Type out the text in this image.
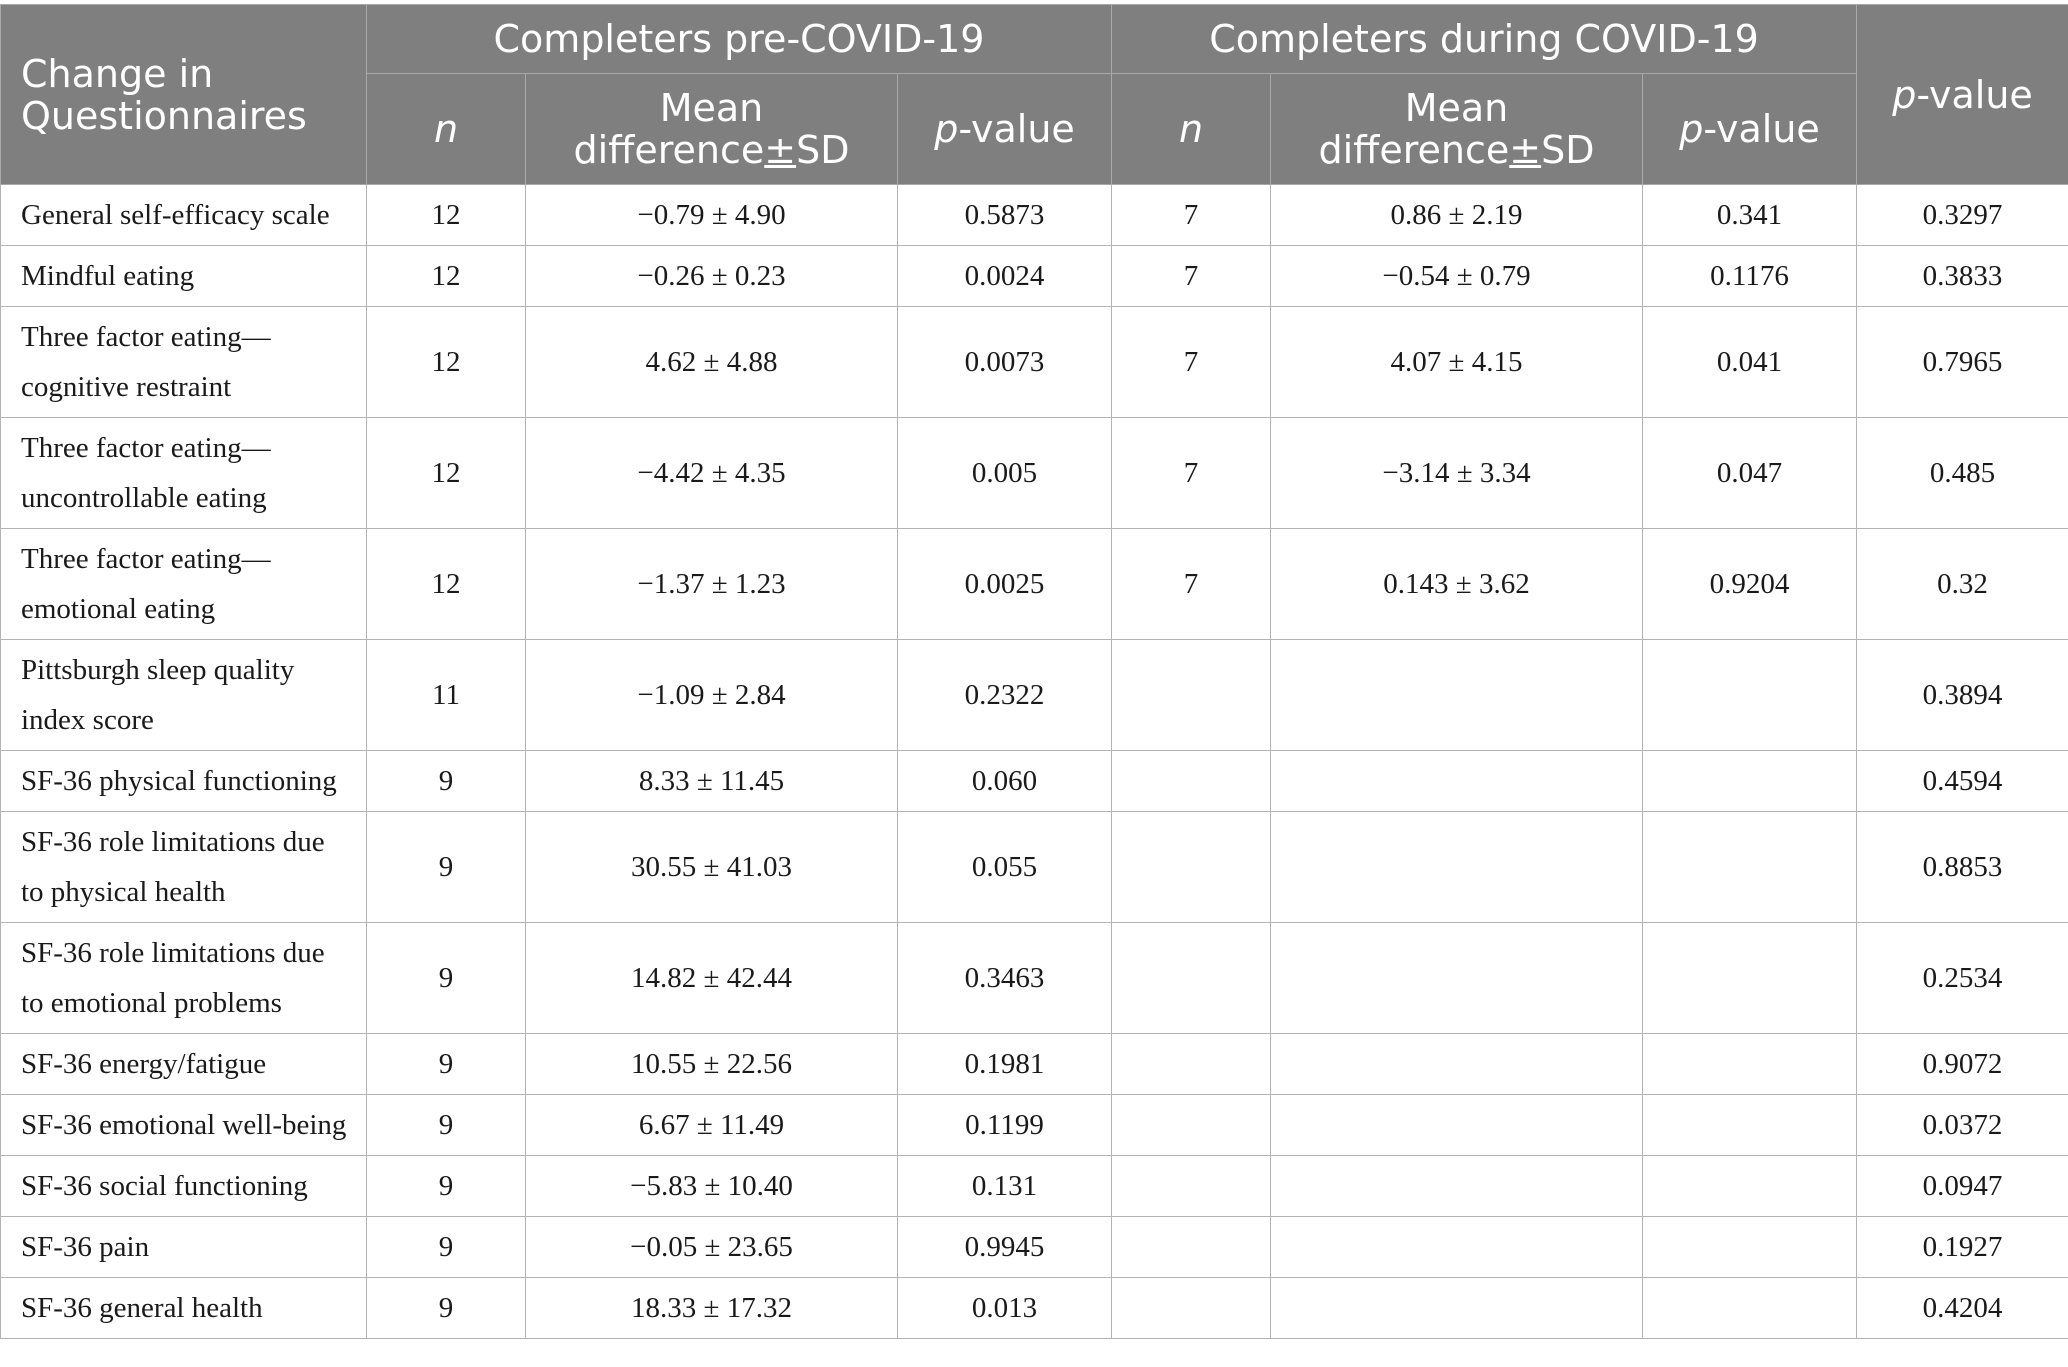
Change in Questionnaires	Completers pre-COVID-19			Completers during COVID-19			p-value
	n	Mean
difference±SD	p-value	n	Mean
difference±SD	p-value	
General self-efficacy scale	12	−0.79 ± 4.90	0.5873	7	0.86 ± 2.19	0.341	0.3297
Mindful eating	12	−0.26 ± 0.23	0.0024	7	−0.54 ± 0.79	0.1176	0.3833
Three factor eating—
cognitive restraint	12	4.62 ± 4.88	0.0073	7	4.07 ± 4.15	0.041	0.7965
Three factor eating—
uncontrollable eating	12	−4.42 ± 4.35	0.005	7	−3.14 ± 3.34	0.047	0.485
Three factor eating—
emotional eating	12	−1.37 ± 1.23	0.0025	7	0.143 ± 3.62	0.9204	0.32
Pittsburgh sleep quality
index score	11	−1.09 ± 2.84	0.2322				0.3894
SF-36 physical functioning	9	8.33 ± 11.45	0.060				0.4594
SF-36 role limitations due
to physical health	9	30.55 ± 41.03	0.055				0.8853
SF-36 role limitations due
to emotional problems	9	14.82 ± 42.44	0.3463				0.2534
SF-36 energy/fatigue	9	10.55 ± 22.56	0.1981				0.9072
SF-36 emotional well-being	9	6.67 ± 11.49	0.1199				0.0372
SF-36 social functioning	9	−5.83 ± 10.40	0.131				0.0947
SF-36 pain	9	−0.05 ± 23.65	0.9945				0.1927
SF-36 general health	9	18.33 ± 17.32	0.013				0.4204
